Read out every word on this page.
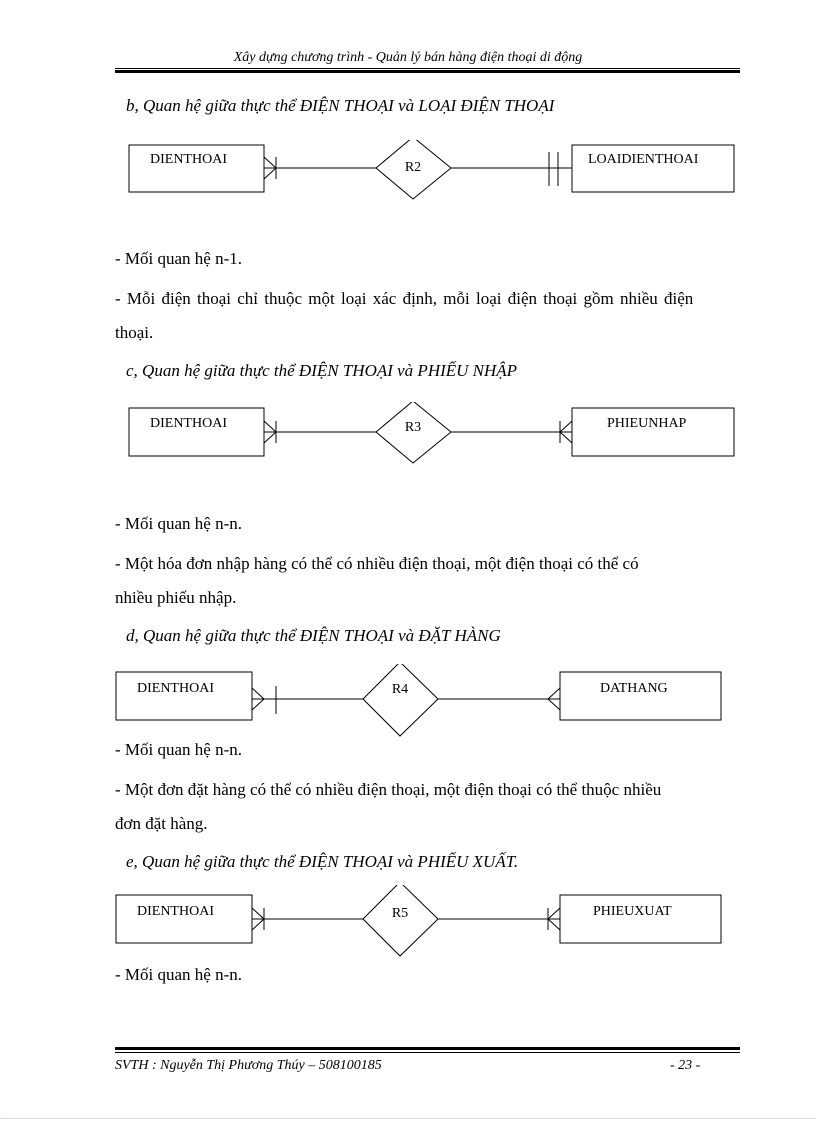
Xây dựng chương trình - Quản lý bán hàng điện thoại di động
b, Quan hệ giữa thực thể ĐIỆN THOẠI và LOẠI ĐIỆN THOẠI
DIENTHOAI
R2
LOAIDIENTHOAI
- Mối quan hệ n-1.
- Mỗi điện thoại chỉ thuộc một loại xác định, mỗi loại điện thoại gồm nhiều điện
thoại.
c, Quan hệ giữa thực thể ĐIỆN THOẠI và PHIẾU NHẬP
DIENTHOAI	R3	PHIEUNHAP
- Mối quan hệ n-n.
- Một hóa đơn nhập hàng có thể có nhiều điện thoại, một điện thoại có thể có
nhiều phiếu nhập.
d, Quan hệ giữa thực thể ĐIỆN THOẠI và ĐẶT HÀNG
DIENTHOAI	R4	DATHANG
- Mối quan hệ n-n.
- Một đơn đặt hàng có thể có nhiều điện thoại, một điện thoại có thể thuộc nhiều
đơn đặt hàng.
e, Quan hệ giữa thực thể ĐIỆN THOẠI và PHIẾU XUẤT.
DIENTHOAI	R5	PHIEUXUAT
- Mối quan hệ n-n.
SVTH : Nguyễn Thị Phương Thúy – 508100185	- 23 -
